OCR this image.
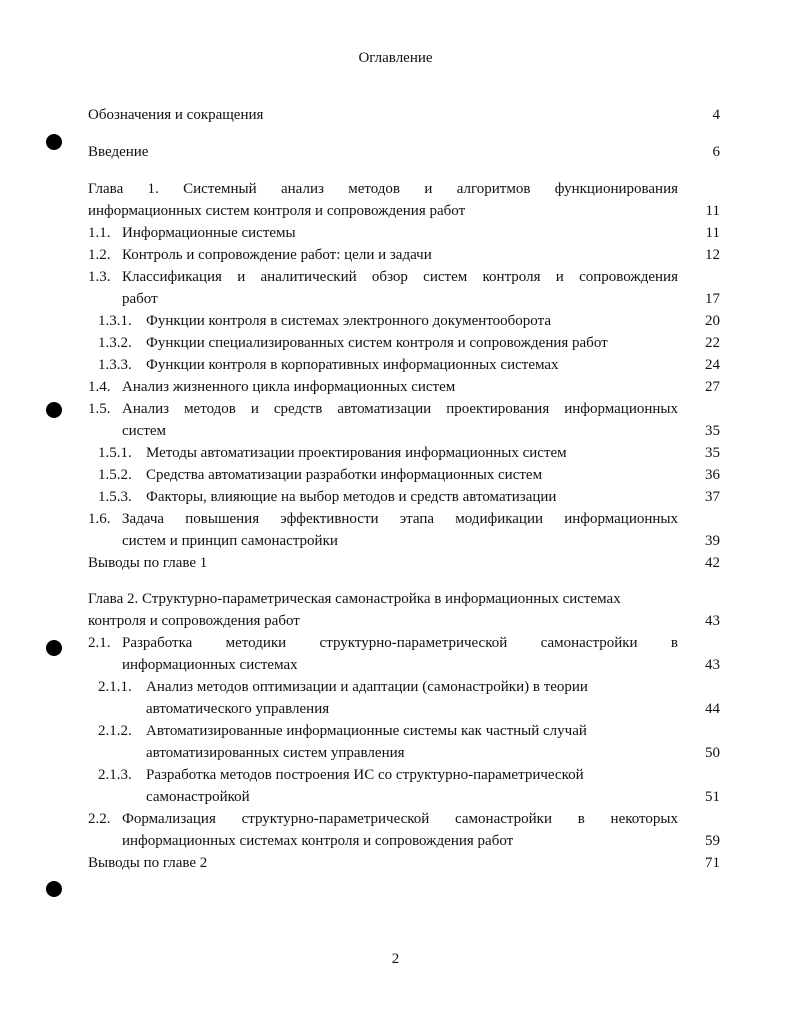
Оглавление
Обозначения и сокращения	4
Введение	6
Глава 1. Системный анализ методов и алгоритмов функционирования
информационных систем контроля и сопровождения работ	11
1.1. Информационные системы	11
1.2. Контроль и сопровождение работ: цели и задачи	12
1.3. Классификация и аналитический обзор систем контроля и сопровождения
работ	17
1.3.1. Функции контроля в системах электронного документооборота	20
1.3.2. Функции специализированных систем контроля и сопровождения работ	22
1.3.3. Функции контроля в корпоративных информационных системах	24
1.4. Анализ жизненного цикла информационных систем	27
1.5. Анализ методов и средств автоматизации проектирования информационных
систем	35
1.5.1. Методы автоматизации проектирования информационных систем	35
1.5.2. Средства автоматизации разработки информационных систем	36
1.5.3. Факторы, влияющие на выбор методов и средств автоматизации	37
1.6. Задача повышения эффективности этапа модификации информационных
систем и принцип самонастройки	39
Выводы по главе 1	42
Глава 2. Структурно-параметрическая самонастройка в информационных системах
контроля и сопровождения работ	43
2.1. Разработка методики структурно-параметрической самонастройки в
информационных системах	43
2.1.1. Анализ методов оптимизации и адаптации (самонастройки) в теории
автоматического управления	44
2.1.2. Автоматизированные информационные системы как частный случай
автоматизированных систем управления	50
2.1.3. Разработка методов построения ИС со структурно-параметрической
самонастройкой	51
2.2. Формализация структурно-параметрической самонастройки в некоторых
информационных системах контроля и сопровождения работ	59
Выводы по главе 2	71
2
